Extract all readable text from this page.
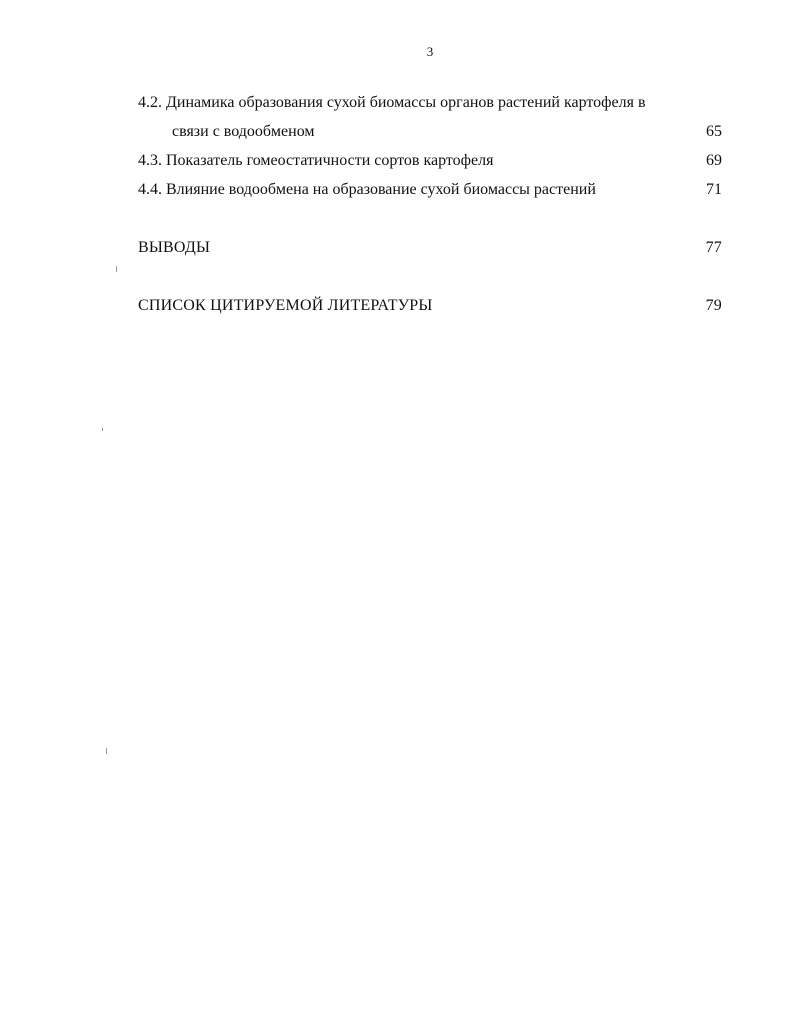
3
4.2. Динамика образования сухой биомассы органов растений картофеля в
связи с водообменом	65
4.3. Показатель гомеостатичности сортов картофеля	69
4.4. Влияние водообмена на образование сухой биомассы растений	71
ВЫВОДЫ	77
СПИСОК ЦИТИРУЕМОЙ ЛИТЕРАТУРЫ	79
